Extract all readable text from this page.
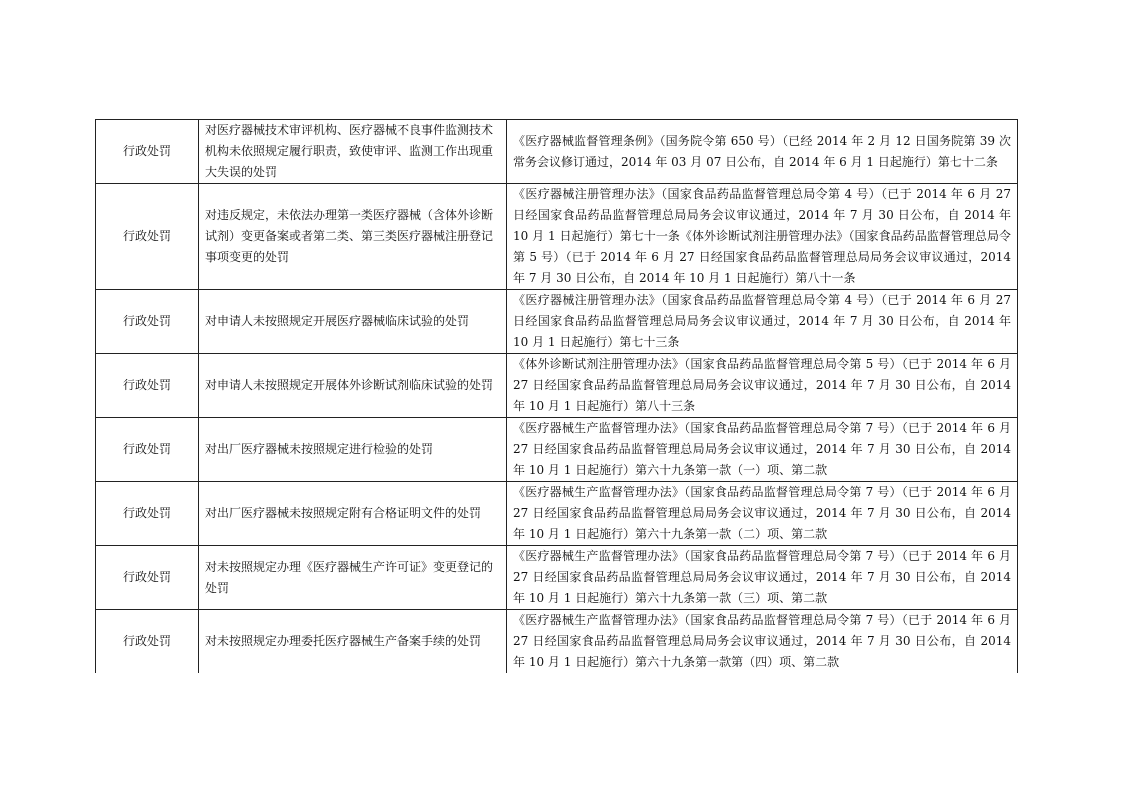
行政处罚	对医疗器械技术审评机构、医疗器械不良事件监测技术机构未依照规定履行职责，致使审评、监测工作出现重大失误的处罚	《医疗器械监督管理条例》（国务院令第 650 号）（已经 2014 年 2 月 12 日国务院第 39 次常务会议修订通过，2014 年 03 月 07 日公布，自 2014 年 6 月 1 日起施行）第七十二条
行政处罚	对违反规定，未依法办理第一类医疗器械（含体外诊断试剂）变更备案或者第二类、第三类医疗器械注册登记事项变更的处罚	《医疗器械注册管理办法》（国家食品药品监督管理总局令第 4 号）（已于 2014 年 6 月 27 日经国家食品药品监督管理总局局务会议审议通过，2014 年 7 月 30 日公布，自 2014 年 10 月 1 日起施行）第七十一条《体外诊断试剂注册管理办法》（国家食品药品监督管理总局令第 5 号）（已于 2014 年 6 月 27 日经国家食品药品监督管理总局局务会议审议通过，2014 年 7 月 30 日公布，自 2014 年 10 月 1 日起施行）第八十一条
行政处罚	对申请人未按照规定开展医疗器械临床试验的处罚	《医疗器械注册管理办法》（国家食品药品监督管理总局令第 4 号）（已于 2014 年 6 月 27 日经国家食品药品监督管理总局局务会议审议通过，2014 年 7 月 30 日公布，自 2014 年 10 月 1 日起施行）第七十三条
行政处罚	对申请人未按照规定开展体外诊断试剂临床试验的处罚	《体外诊断试剂注册管理办法》（国家食品药品监督管理总局令第 5 号）（已于 2014 年 6 月 27 日经国家食品药品监督管理总局局务会议审议通过，2014 年 7 月 30 日公布，自 2014 年 10 月 1 日起施行）第八十三条
行政处罚	对出厂医疗器械未按照规定进行检验的处罚	《医疗器械生产监督管理办法》（国家食品药品监督管理总局令第 7 号）（已于 2014 年 6 月 27 日经国家食品药品监督管理总局局务会议审议通过，2014 年 7 月 30 日公布，自 2014 年 10 月 1 日起施行）第六十九条第一款（一）项、第二款
行政处罚	对出厂医疗器械未按照规定附有合格证明文件的处罚	《医疗器械生产监督管理办法》（国家食品药品监督管理总局令第 7 号）（已于 2014 年 6 月 27 日经国家食品药品监督管理总局局务会议审议通过，2014 年 7 月 30 日公布，自 2014 年 10 月 1 日起施行）第六十九条第一款（二）项、第二款
行政处罚	对未按照规定办理《医疗器械生产许可证》变更登记的处罚	《医疗器械生产监督管理办法》（国家食品药品监督管理总局令第 7 号）（已于 2014 年 6 月 27 日经国家食品药品监督管理总局局务会议审议通过，2014 年 7 月 30 日公布，自 2014 年 10 月 1 日起施行）第六十九条第一款（三）项、第二款
行政处罚	对未按照规定办理委托医疗器械生产备案手续的处罚	《医疗器械生产监督管理办法》（国家食品药品监督管理总局令第 7 号）（已于 2014 年 6 月 27 日经国家食品药品监督管理总局局务会议审议通过，2014 年 7 月 30 日公布，自 2014 年 10 月 1 日起施行）第六十九条第一款第（四）项、第二款
